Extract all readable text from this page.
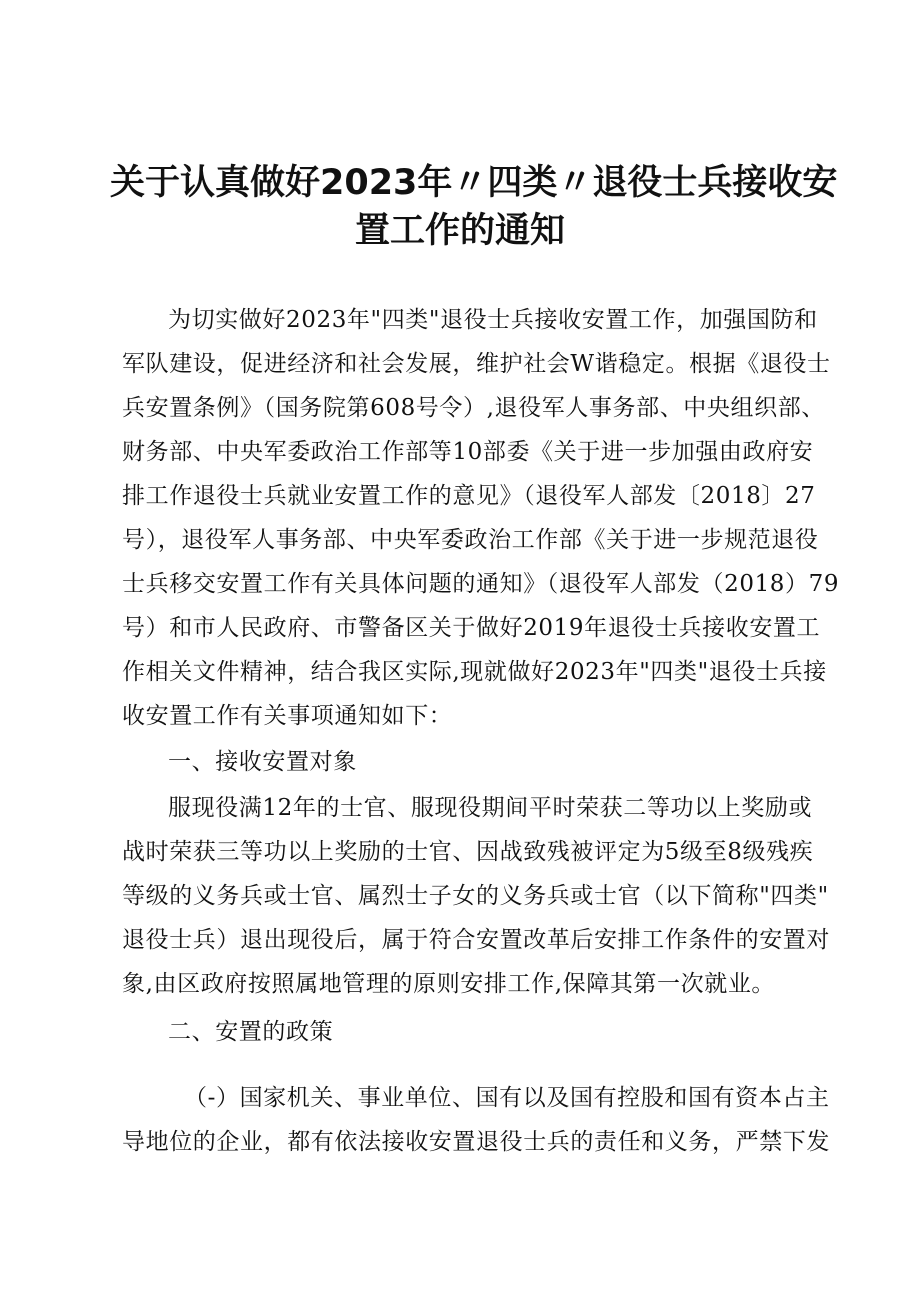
关于认真做好2023年〃四类〃退役士兵接收安
置工作的通知
为切实做好2023年"四类"退役士兵接收安置工作，加强国防和
军队建设，促进经济和社会发展，维护社会W谐稳定。根据《退役士
兵安置条例》（国务院第608号令）,退役军人事务部、中央组织部、
财务部、中央军委政治工作部等10部委《关于进一步加强由政府安
排工作退役士兵就业安置工作的意见》（退役军人部发〔2018〕27
号），退役军人事务部、中央军委政治工作部《关于进一步规范退役
士兵移交安置工作有关具体问题的通知》（退役军人部发（2018）79
号）和市人民政府、市警备区关于做好2019年退役士兵接收安置工
作相关文件精神，结合我区实际,现就做好2023年"四类"退役士兵接
收安置工作有关事项通知如下：
一、接收安置对象
服现役满12年的士官、服现役期间平时荣获二等功以上奖励或
战时荣获三等功以上奖励的士官、因战致残被评定为5级至8级残疾
等级的义务兵或士官、属烈士子女的义务兵或士官（以下简称"四类"
退役士兵）退出现役后，属于符合安置改革后安排工作条件的安置对
象,由区政府按照属地管理的原则安排工作,保障其第一次就业。
二、安置的政策
（-）国家机关、事业单位、国有以及国有控股和国有资本占主
导地位的企业，都有依法接收安置退役士兵的责任和义务，严禁下发
